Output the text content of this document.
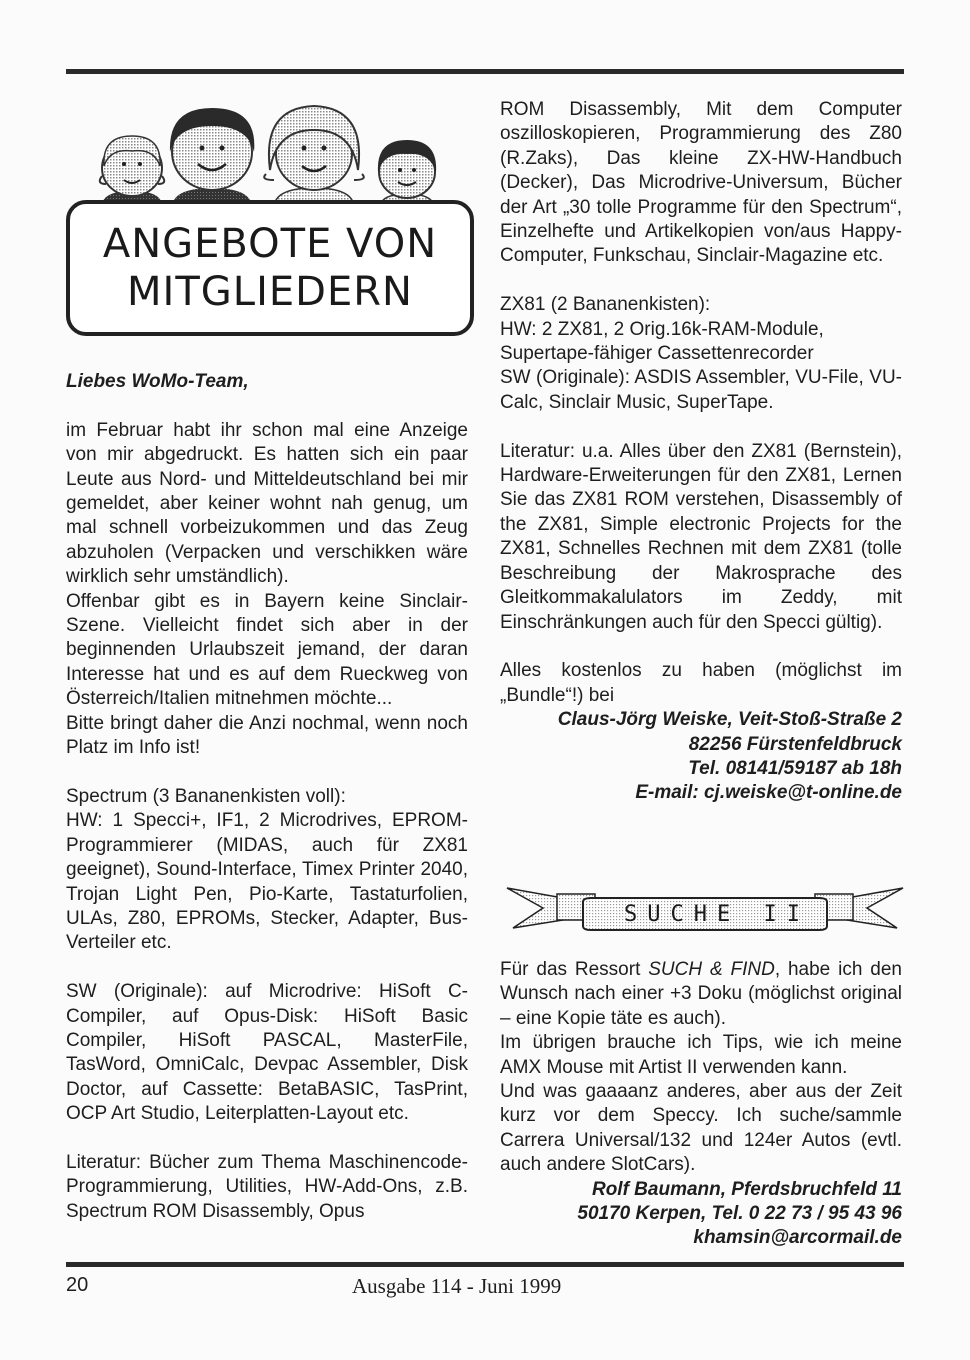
ANGEBOTE VON
MITGLIEDERN

Liebes WoMo-Team,

im Februar habt ihr schon mal eine Anzeige von mir abgedruckt. Es hatten sich ein paar Leute aus Nord- und Mitteldeutschland bei mir gemeldet, aber keiner wohnt nah genug, um mal schnell vorbeizukommen und das Zeug abzuholen (Verpacken und verschikken wäre wirklich sehr umständlich).

Offenbar gibt es in Bayern keine Sinclair-Szene. Vielleicht findet sich aber in der beginnenden Urlaubszeit jemand, der daran Interesse hat und es auf dem Rueckweg von Österreich/Italien mitnehmen möchte...

Bitte bringt daher die Anzi nochmal, wenn noch Platz im Info ist!

Spectrum (3 Bananenkisten voll):

HW: 1 Specci+, IF1, 2 Microdrives, EPROM-Programmierer (MIDAS, auch für ZX81 geeignet), Sound-Interface, Timex Printer 2040, Trojan Light Pen, Pio-Karte, Tastaturfolien, ULAs, Z80, EPROMs, Stecker, Adapter, Bus-Verteiler etc.

SW (Originale): auf Microdrive: HiSoft C-Compiler, auf Opus-Disk: HiSoft Basic Compiler, HiSoft PASCAL, MasterFile, TasWord, OmniCalc, Devpac Assembler, Disk Doctor, auf Cassette: BetaBASIC, TasPrint, OCP Art Studio, Leiterplatten-Layout etc.

Literatur: Bücher zum Thema Maschinencode-Programmierung, Utilities, HW-Add-Ons, z.B. Spectrum ROM Disassembly, Opus

ROM Disassembly, Mit dem Computer oszilloskopieren, Programmierung des Z80 (R.Zaks), Das kleine ZX-HW-Handbuch (Decker), Das Microdrive-Universum, Bücher der Art „30 tolle Programme für den Spectrum“, Einzelhefte und Artikelkopien von/aus Happy-Computer, Funkschau, Sinclair-Magazine etc.

ZX81 (2 Bananenkisten):

HW: 2 ZX81, 2 Orig.16k-RAM-Module, Supertape-fähiger Cassettenrecorder

SW (Originale): ASDIS Assembler, VU-File, VU-Calc, Sinclair Music, SuperTape.

Literatur: u.a. Alles über den ZX81 (Bernstein), Hardware-Erweiterungen für den ZX81, Lernen Sie das ZX81 ROM verstehen, Disassembly of the ZX81, Simple electronic Projects for the ZX81, Schnelles Rechnen mit dem ZX81 (tolle Beschreibung der Makrosprache des Gleitkommakalulators im Zeddy, mit Einschränkungen auch für den Specci gültig).

Alles kostenlos zu haben (möglichst im „Bundle“!) bei

Claus-Jörg Weiske, Veit-Stoß-Straße 2

82256 Fürstenfeldbruck

Tel. 08141/59187 ab 18h

E-mail: cj.weiske@t-online.de

SUCHE II

Für das Ressort SUCH & FIND, habe ich den Wunsch nach einer +3 Doku (möglichst original – eine Kopie täte es auch).

Im übrigen brauche ich Tips, wie ich meine AMX Mouse mit Artist II verwenden kann.

Und was gaaaanz anderes, aber aus der Zeit kurz vor dem Speccy. Ich suche/sammle Carrera Universal/132 und 124er Autos (evtl. auch andere SlotCars).

Rolf Baumann, Pferdsbruchfeld 11

50170 Kerpen, Tel. 0 22 73 / 95 43 96

khamsin@arcormail.de

20	Ausgabe 114 - Juni 1999
